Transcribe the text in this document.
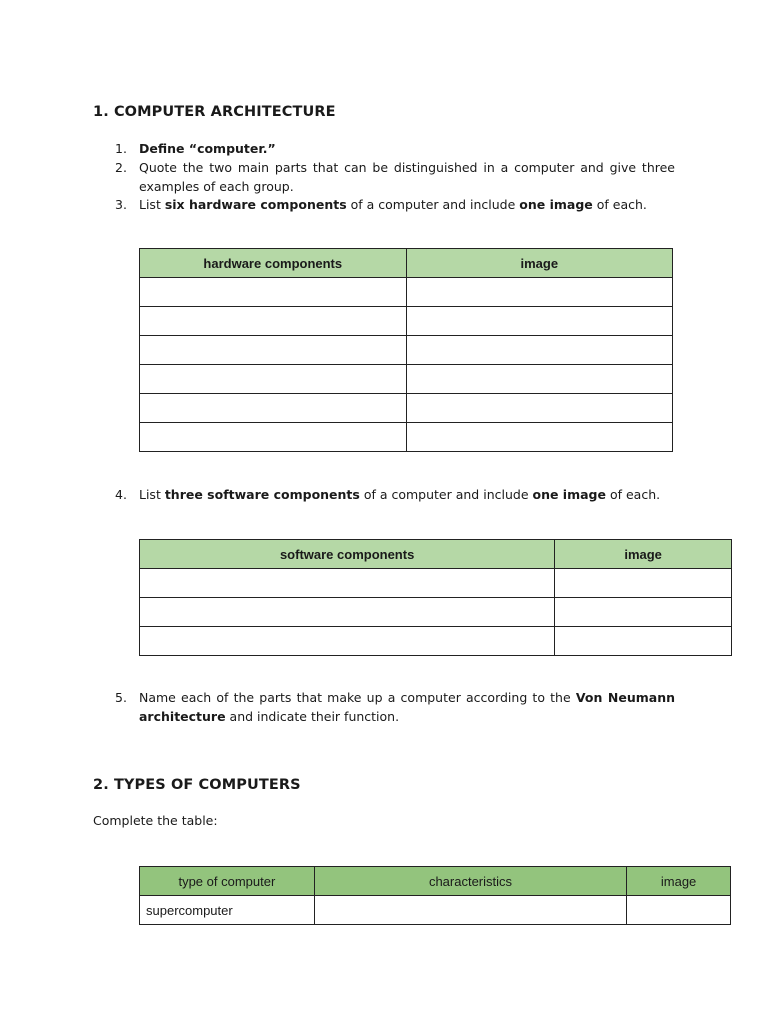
1. COMPUTER ARCHITECTURE
1. Define “computer.”
2. Quote the two main parts that can be distinguished in a computer and give three examples of each group.
3. List six hardware components of a computer and include one image of each.
hardware components	image

4. List three software components of a computer and include one image of each.
software components	image

5. Name each of the parts that make up a computer according to the Von Neumann architecture and indicate their function.
2. TYPES OF COMPUTERS

Complete the table:

type of computer	characteristics	image
supercomputer		
